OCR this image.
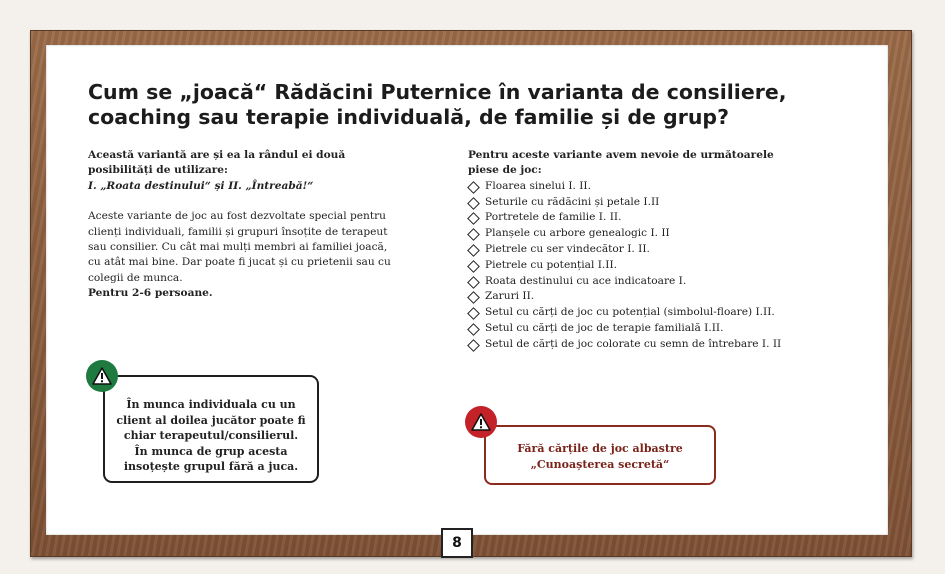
Cum se „joacă“ Rădăcini Puternice în varianta de consiliere,
coaching sau terapie individuală, de familie și de grup?

Această variantă are și ea la rândul ei două

posibilități de utilizare:

I. „Roata destinului“ și II. „Întreabă!“

Aceste variante de joc au fost dezvoltate special pentru

clienți individuali, familii și grupuri însoțite de terapeut

sau consilier. Cu cât mai mulți membri ai familiei joacă,

cu atât mai bine. Dar poate fi jucat și cu prietenii sau cu

colegii de munca.

Pentru 2-6 persoane.

Pentru aceste variante avem nevoie de următoarele

piese de joc:

Floarea sinelui I. II.
Seturile cu rădăcini și petale I.II
Portretele de familie I. II.
Planșele cu arbore genealogic I. II
Pietrele cu ser vindecător I. II.
Pietrele cu potențial I.II.
Roata destinului cu ace indicatoare I.
Zaruri II.
Setul cu cărți de joc cu potențial (simbolul-floare) I.II.
Setul cu cărți de joc de terapie familială I.II.
Setul de cărți de joc colorate cu semn de întrebare I. II
În munca individuala cu un
client al doilea jucător poate fi
chiar terapeutul/consilierul.
În munca de grup acesta
insoțește grupul fără a juca.
Fără cărțile de joc albastre
„Cunoașterea secretă“
8
